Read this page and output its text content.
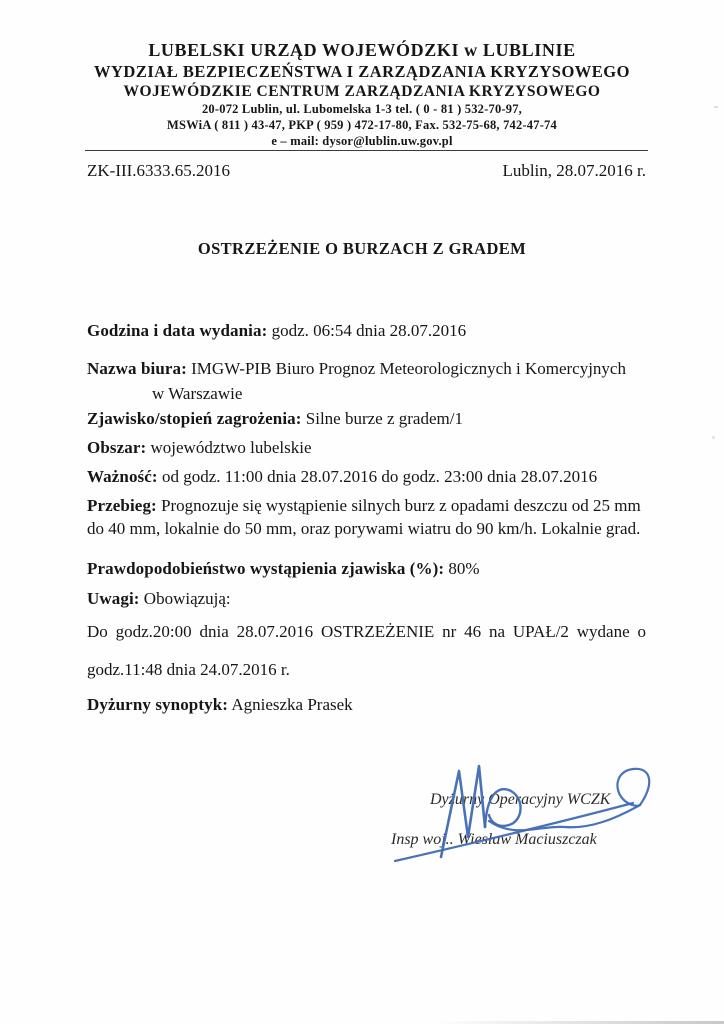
LUBELSKI URZĄD WOJEWÓDZKI w LUBLINIE
WYDZIAŁ BEZPIECZEŃSTWA I ZARZĄDZANIA KRYZYSOWEGO
WOJEWÓDZKIE CENTRUM ZARZĄDZANIA KRYZYSOWEGO
20-072 Lublin, ul. Lubomelska 1-3 tel. ( 0 - 81 ) 532-70-97,
MSWiA ( 811 ) 43-47, PKP ( 959 ) 472-17-80, Fax. 532-75-68, 742-47-74
e – mail: dysor@lublin.uw.gov.pl
ZK-III.6333.65.2016	Lublin, 28.07.2016 r.
OSTRZEŻENIE O BURZACH Z GRADEM

Godzina i data wydania: godz. 06:54 dnia 28.07.2016

Nazwa biura: IMGW-PIB Biuro Prognoz Meteorologicznych i Komercyjnych
w Warszawie

Zjawisko/stopień zagrożenia: Silne burze z gradem/1

Obszar: województwo lubelskie

Ważność: od godz. 11:00 dnia 28.07.2016 do godz. 23:00 dnia 28.07.2016

Przebieg: Prognozuje się wystąpienie silnych burz z opadami deszczu od 25 mm do 40 mm, lokalnie do 50 mm, oraz porywami wiatru do 90 km/h. Lokalnie grad.

Prawdopodobieństwo wystąpienia zjawiska (%): 80%

Uwagi: Obowiązują:

Do godz.20:00 dnia 28.07.2016 OSTRZEŻENIE nr 46 na UPAŁ/2 wydane o
godz.11:48 dnia 24.07.2016 r.

Dyżurny synoptyk: Agnieszka Prasek

Dyżurny Operacyjny WCZK
Insp woj.. Wiesław Maciuszczak
